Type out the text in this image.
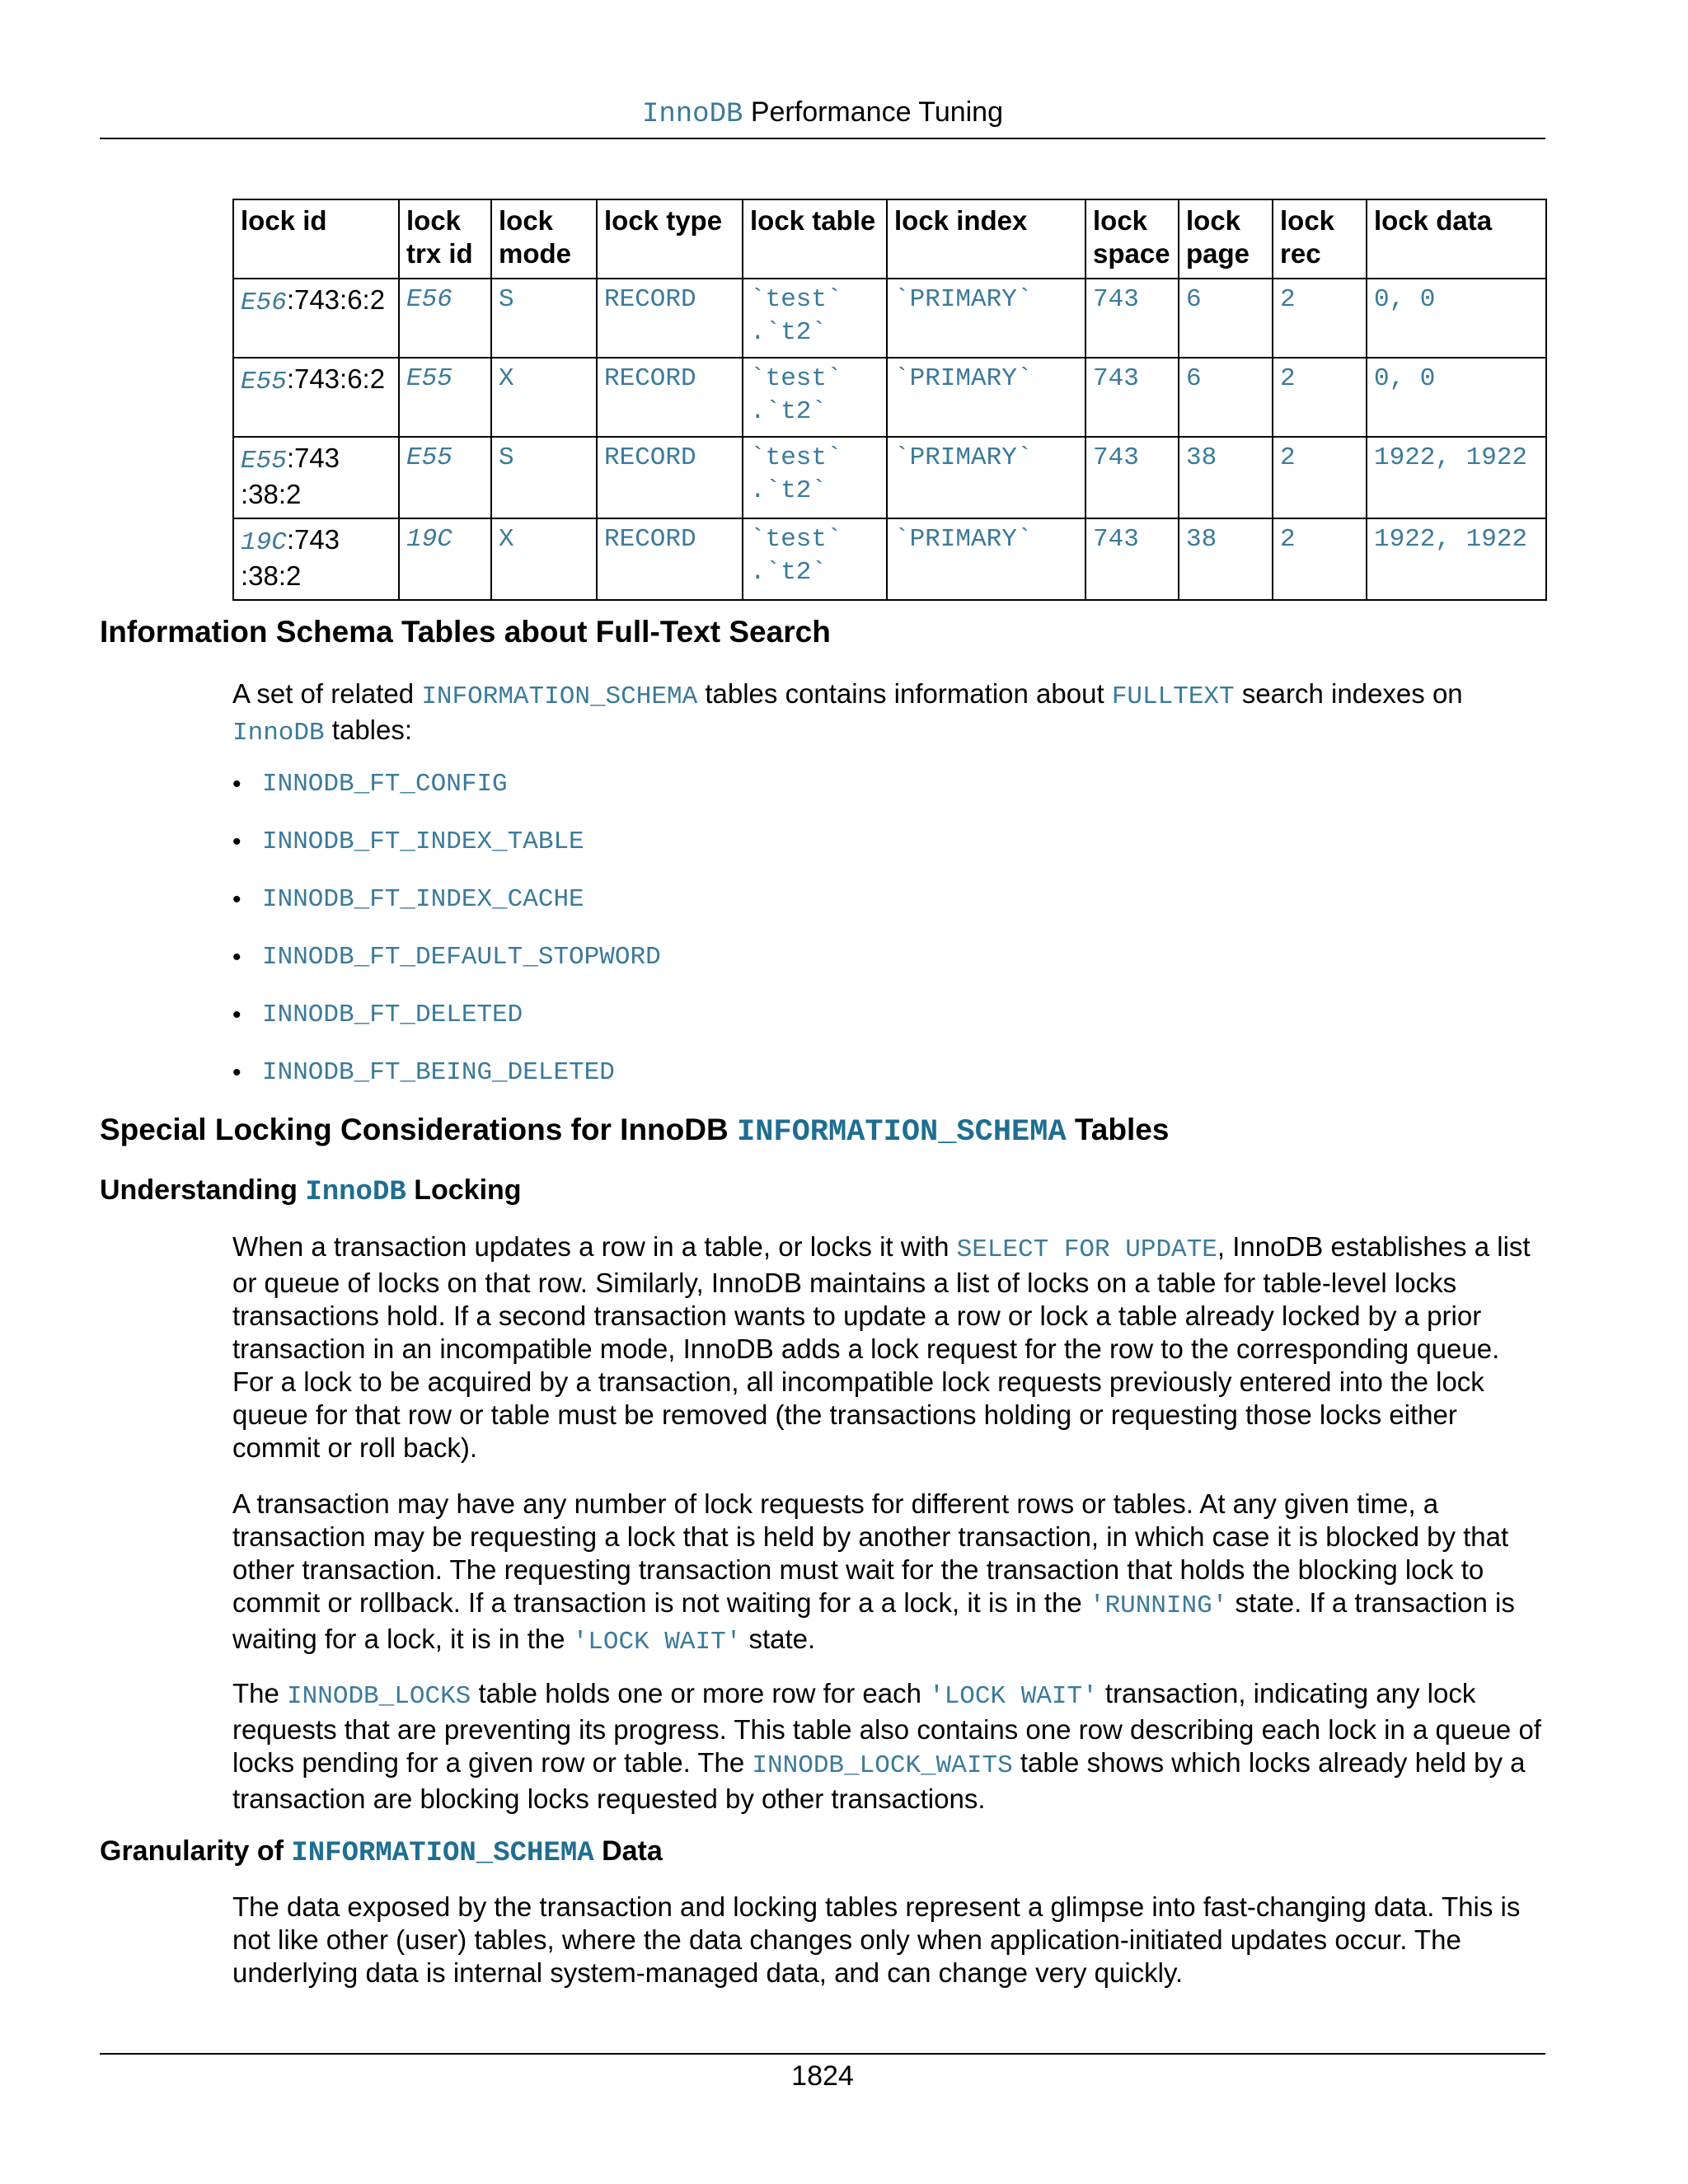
InnoDB Performance Tuning
lock id	lock trx id	lock mode	lock type	lock table	lock index	lock space	lock page	lock rec	lock data
E56:743:6:2	E56	S	RECORD	`test` .`t2`	`PRIMARY`	743	6	2	0, 0
E55:743:6:2	E55	X	RECORD	`test` .`t2`	`PRIMARY`	743	6	2	0, 0
E55:743 :38:2	E55	S	RECORD	`test` .`t2`	`PRIMARY`	743	38	2	1922, 1922
19C:743 :38:2	19C	X	RECORD	`test` .`t2`	`PRIMARY`	743	38	2	1922, 1922
Information Schema Tables about Full-Text Search

A set of related INFORMATION_SCHEMA tables contains information about FULLTEXT search indexes on InnoDB tables:

• INNODB_FT_CONFIG
• INNODB_FT_INDEX_TABLE
• INNODB_FT_INDEX_CACHE
• INNODB_FT_DEFAULT_STOPWORD
• INNODB_FT_DELETED
• INNODB_FT_BEING_DELETED
Special Locking Considerations for InnoDB INFORMATION_SCHEMA Tables
Understanding InnoDB Locking

When a transaction updates a row in a table, or locks it with SELECT FOR UPDATE, InnoDB establishes a list or queue of locks on that row. Similarly, InnoDB maintains a list of locks on a table for table-level locks transactions hold. If a second transaction wants to update a row or lock a table already locked by a prior transaction in an incompatible mode, InnoDB adds a lock request for the row to the corresponding queue. For a lock to be acquired by a transaction, all incompatible lock requests previously entered into the lock queue for that row or table must be removed (the transactions holding or requesting those locks either commit or roll back).

A transaction may have any number of lock requests for different rows or tables. At any given time, a transaction may be requesting a lock that is held by another transaction, in which case it is blocked by that other transaction. The requesting transaction must wait for the transaction that holds the blocking lock to commit or rollback. If a transaction is not waiting for a a lock, it is in the 'RUNNING' state. If a transaction is waiting for a lock, it is in the 'LOCK WAIT' state.

The INNODB_LOCKS table holds one or more row for each 'LOCK WAIT' transaction, indicating any lock requests that are preventing its progress. This table also contains one row describing each lock in a queue of locks pending for a given row or table. The INNODB_LOCK_WAITS table shows which locks already held by a transaction are blocking locks requested by other transactions.

Granularity of INFORMATION_SCHEMA Data

The data exposed by the transaction and locking tables represent a glimpse into fast-changing data. This is not like other (user) tables, where the data changes only when application-initiated updates occur. The underlying data is internal system-managed data, and can change very quickly.

1824
